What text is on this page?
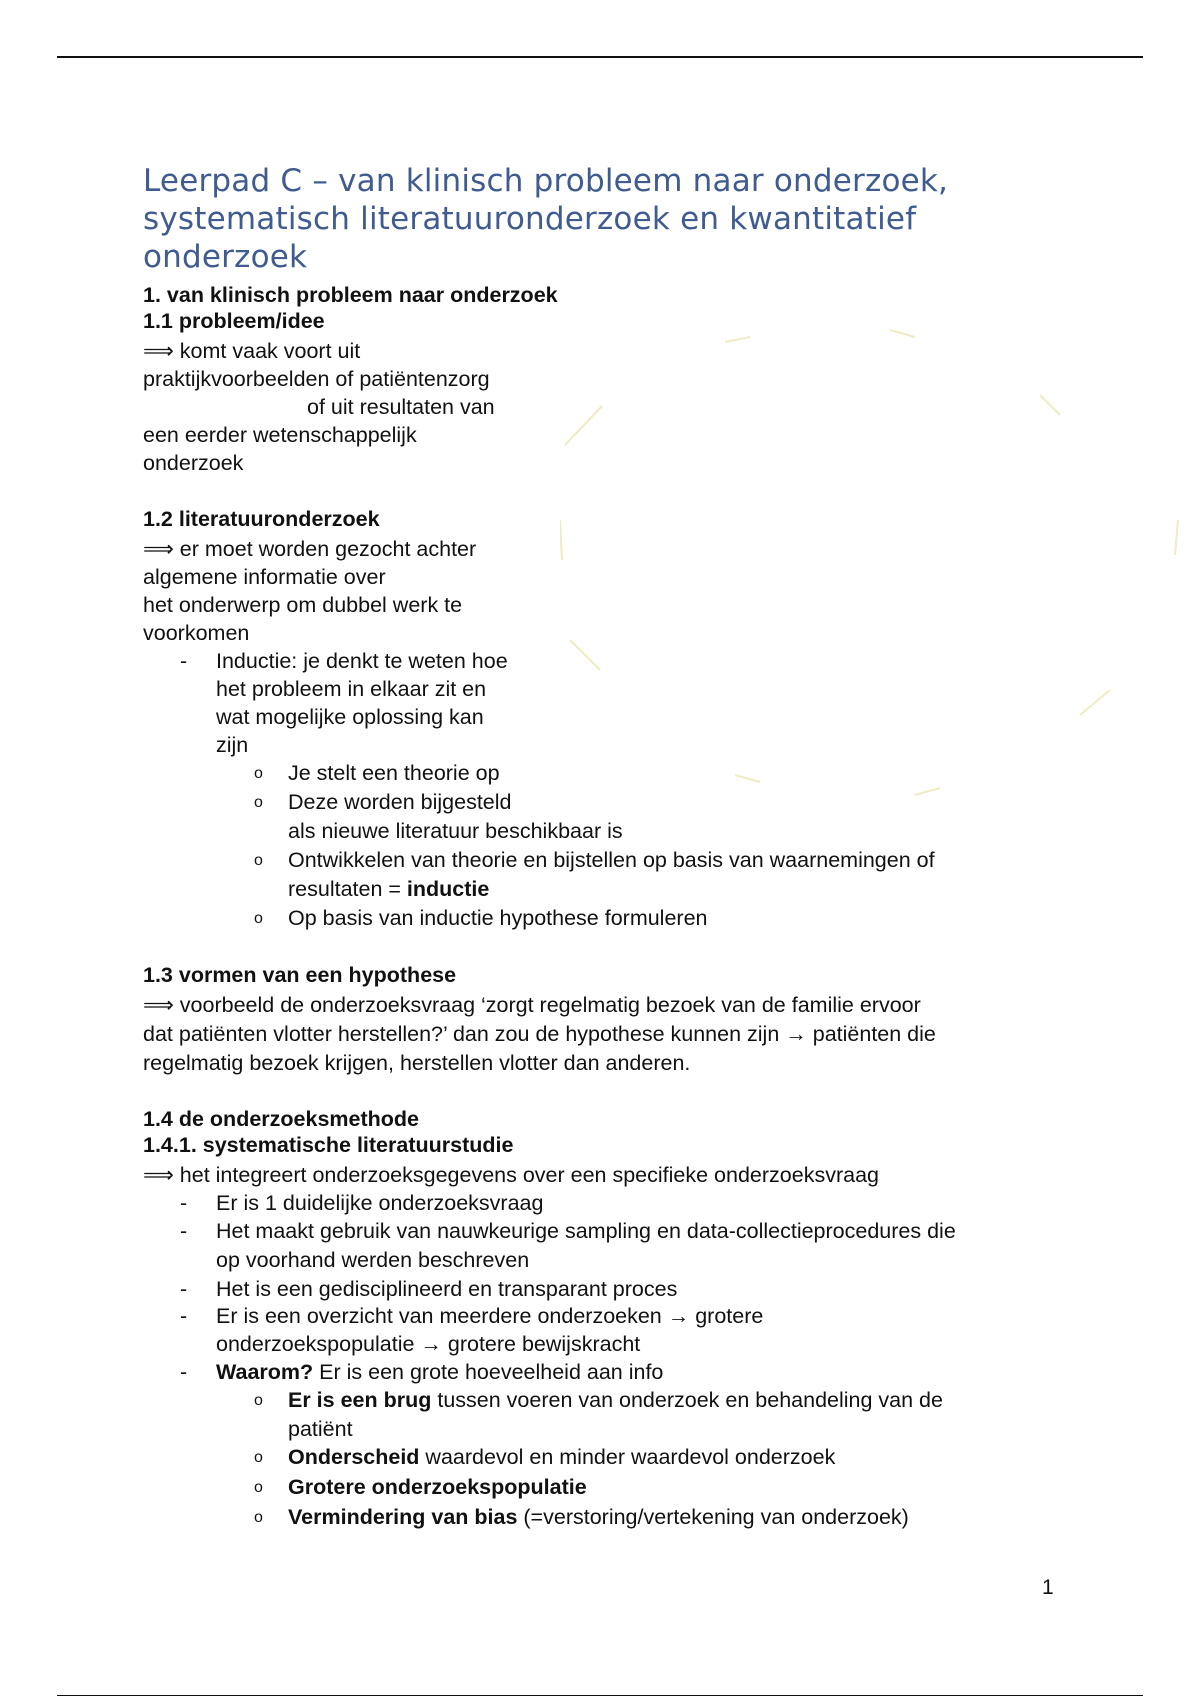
Leerpad C – van klinisch probleem naar onderzoek, systematisch literatuuronderzoek en kwantitatief onderzoek
1. van klinisch probleem naar onderzoek
1.1 probleem/idee
⟹ komt vaak voort uit
praktijkvoorbeelden of patiëntenzorg
of uit resultaten van
een eerder wetenschappelijk
onderzoek
1.2 literatuuronderzoek
⟹ er moet worden gezocht achter
algemene informatie over
het onderwerp om dubbel werk te
voorkomen
- Inductie: je denkt te weten hoe
het probleem in elkaar zit en
wat mogelijke oplossing kan
zijn
o Je stelt een theorie op
o Deze worden bijgesteld
als nieuwe literatuur beschikbaar is
o Ontwikkelen van theorie en bijstellen op basis van waarnemingen of
resultaten = inductie
o Op basis van inductie hypothese formuleren
1.3 vormen van een hypothese
⟹ voorbeeld de onderzoeksvraag ‘zorgt regelmatig bezoek van de familie ervoor
dat patiënten vlotter herstellen?’ dan zou de hypothese kunnen zijn → patiënten die
regelmatig bezoek krijgen, herstellen vlotter dan anderen.
1.4 de onderzoeksmethode
1.4.1. systematische literatuurstudie
⟹ het integreert onderzoeksgegevens over een specifieke onderzoeksvraag
- Er is 1 duidelijke onderzoeksvraag
- Het maakt gebruik van nauwkeurige sampling en data-collectieprocedures die
op voorhand werden beschreven
- Het is een gedisciplineerd en transparant proces
- Er is een overzicht van meerdere onderzoeken → grotere
onderzoekspopulatie → grotere bewijskracht
- Waarom? Er is een grote hoeveelheid aan info
o Er is een brug tussen voeren van onderzoek en behandeling van de
patiënt
o Onderscheid waardevol en minder waardevol onderzoek
o Grotere onderzoekspopulatie
o Vermindering van bias (=verstoring/vertekening van onderzoek)
1
